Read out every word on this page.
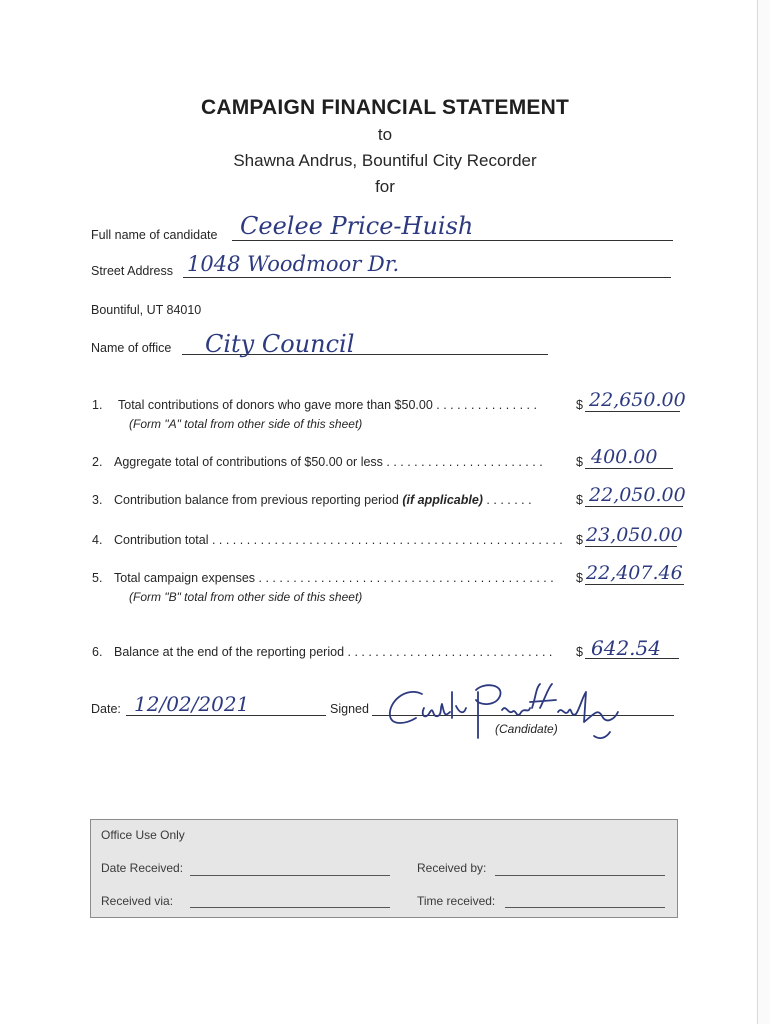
CAMPAIGN FINANCIAL STATEMENT
to
Shawna Andrus, Bountiful City Recorder
for
Full name of candidate Ceelee Price-Huish
Street Address 1048 Woodmoor Dr.
Bountiful, UT 84010
Name of office City Council
1. Total contributions of donors who gave more than $50.00 . . . . . . . . . . . . . . .
(Form "A" total from other side of this sheet)
$ 22,650.00
2. Aggregate total of contributions of $50.00 or less . . . . . . . . . . . . . . . . . . . . . . .	$ 400.00
3. Contribution balance from previous reporting period (if applicable) . . . . . . .	$ 22,050.00
4. Contribution total . . . . . . . . . . . . . . . . . . . . . . . . . . . . . . . . . . . . . . . . . . . . . . . . . . . $ 23,050.00
5. Total campaign expenses . . . . . . . . . . . . . . . . . . . . . . . . . . . . . . . . . . . . . . . . . . .
(Form "B" total from other side of this sheet)
$ 22,407.46
6. Balance at the end of the reporting period . . . . . . . . . . . . . . . . . . . . . . . . . . . . . . $ 642.54
Date: 12/02/2021	Signed
(Candidate)
Office Use Only
Date Received:	Received by:
Received via:	Time received:
